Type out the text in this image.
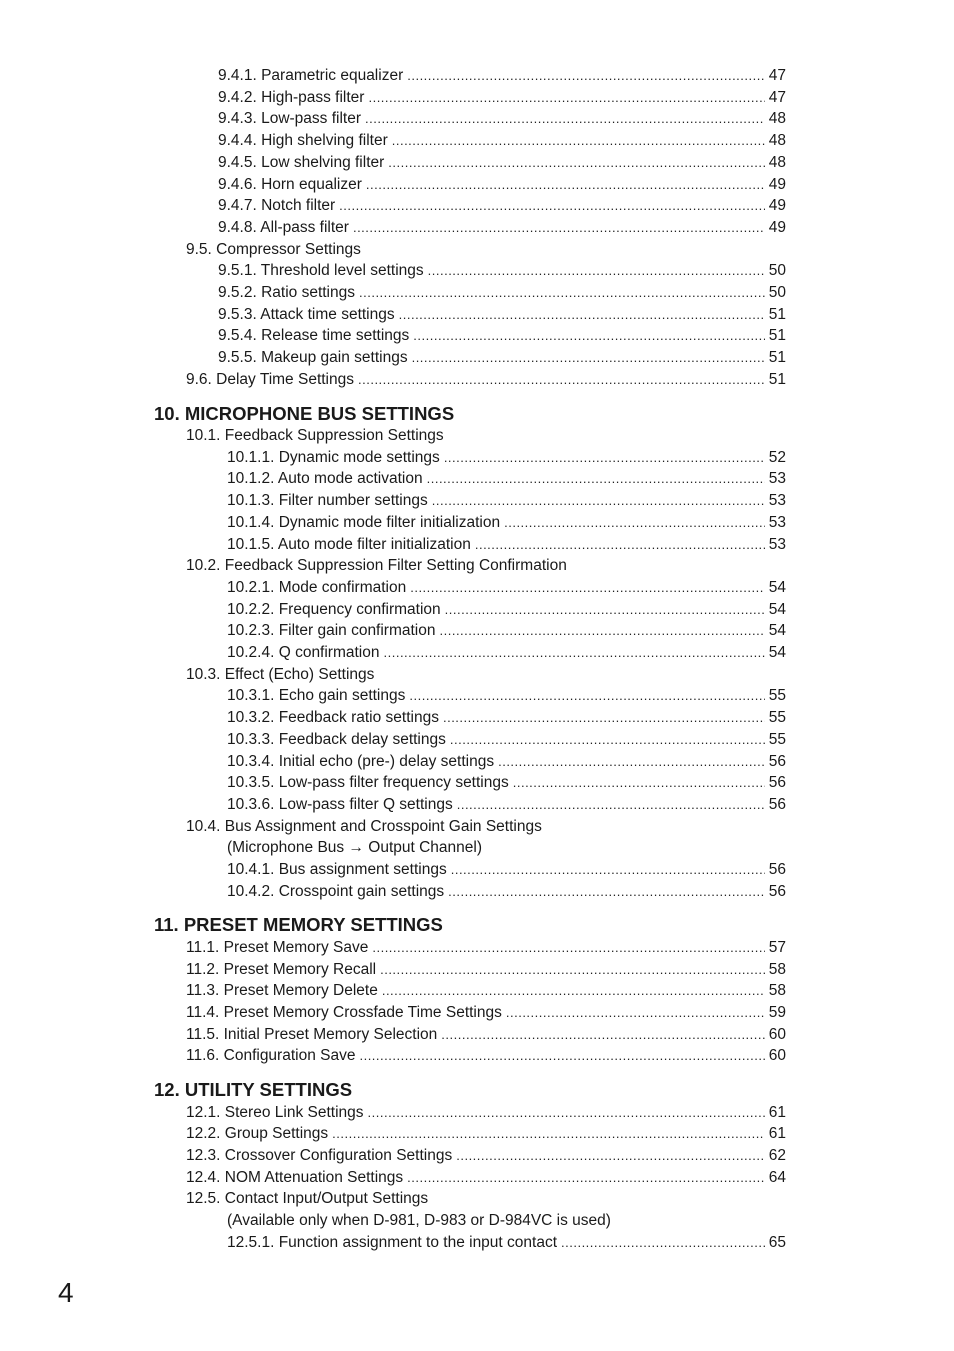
9.4.1. Parametric equalizer .....	47
9.4.2. High-pass filter .....	47
9.4.3. Low-pass filter .....	48
9.4.4. High shelving filter .....	48
9.4.5. Low shelving filter .....	48
9.4.6. Horn equalizer .....	49
9.4.7. Notch filter .....	49
9.4.8. All-pass filter .....	49
9.5. Compressor Settings
9.5.1. Threshold level settings .....	50
9.5.2. Ratio settings .....	50
9.5.3. Attack time settings .....	51
9.5.4. Release time settings .....	51
9.5.5. Makeup gain settings .....	51
9.6. Delay Time Settings .....	51
10. MICROPHONE BUS SETTINGS
10.1. Feedback Suppression Settings
10.1.1. Dynamic mode settings .....	52
10.1.2. Auto mode activation .....	53
10.1.3. Filter number settings .....	53
10.1.4. Dynamic mode filter initialization .....	53
10.1.5. Auto mode filter initialization .....	53
10.2. Feedback Suppression Filter Setting Confirmation
10.2.1. Mode confirmation .....	54
10.2.2. Frequency confirmation .....	54
10.2.3. Filter gain confirmation .....	54
10.2.4. Q confirmation .....	54
10.3. Effect (Echo) Settings
10.3.1. Echo gain settings .....	55
10.3.2. Feedback ratio settings .....	55
10.3.3. Feedback delay settings .....	55
10.3.4. Initial echo (pre-) delay settings .....	56
10.3.5. Low-pass filter frequency settings .....	56
10.3.6. Low-pass filter Q settings .....	56
10.4. Bus Assignment and Crosspoint Gain Settings
(Microphone Bus → Output Channel)
10.4.1. Bus assignment settings .....	56
10.4.2. Crosspoint gain settings .....	56
11. PRESET MEMORY SETTINGS
11.1. Preset Memory Save .....	57
11.2. Preset Memory Recall .....	58
11.3. Preset Memory Delete .....	58
11.4. Preset Memory Crossfade Time Settings .....	59
11.5. Initial Preset Memory Selection .....	60
11.6. Configuration Save .....	60
12. UTILITY SETTINGS
12.1. Stereo Link Settings .....	61
12.2. Group Settings .....	61
12.3. Crossover Configuration Settings .....	62
12.4. NOM Attenuation Settings .....	64
12.5. Contact Input/Output Settings
(Available only when D-981, D-983 or D-984VC is used)
12.5.1. Function assignment to the input contact .....	65
4
